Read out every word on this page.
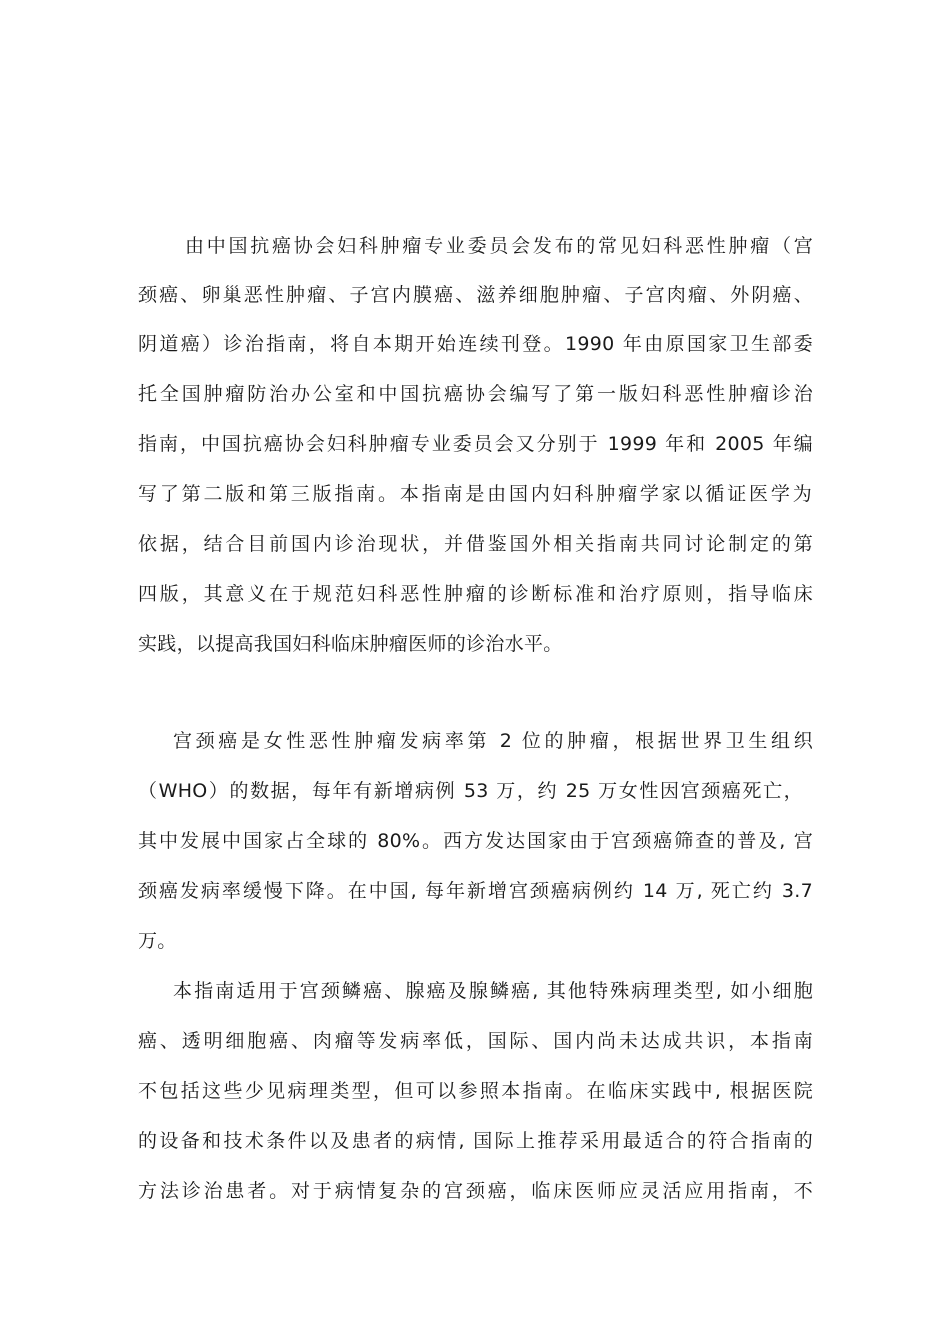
由中国抗癌协会妇科肿瘤专业委员会发布的常见妇科恶性肿瘤（宫
颈癌、卵巢恶性肿瘤、子宫内膜癌、滋养细胞肿瘤、子宫肉瘤、外阴癌、
阴道癌）诊治指南，将自本期开始连续刊登。1990 年由原国家卫生部委
托全国肿瘤防治办公室和中国抗癌协会编写了第一版妇科恶性肿瘤诊治
指南，中国抗癌协会妇科肿瘤专业委员会又分别于 1999 年和 2005 年编
写了第二版和第三版指南。本指南是由国内妇科肿瘤学家以循证医学为
依据，结合目前国内诊治现状，并借鉴国外相关指南共同讨论制定的第
四版，其意义在于规范妇科恶性肿瘤的诊断标准和治疗原则，指导临床
实践，以提高我国妇科临床肿瘤医师的诊治水平。
宫颈癌是女性恶性肿瘤发病率第 2 位的肿瘤，根据世界卫生组织
（WHO）的数据，每年有新增病例 53 万，约 25 万女性因宫颈癌死亡，
其中发展中国家占全球的 80%。西方发达国家由于宫颈癌筛查的普及, 宫
颈癌发病率缓慢下降。在中国, 每年新增宫颈癌病例约 14 万, 死亡约 3.7
万。
本指南适用于宫颈鳞癌、腺癌及腺鳞癌, 其他特殊病理类型, 如小细胞
癌、透明细胞癌、肉瘤等发病率低，国际、国内尚未达成共识，本指南
不包括这些少见病理类型，但可以参照本指南。在临床实践中, 根据医院
的设备和技术条件以及患者的病情, 国际上推荐采用最适合的符合指南的
方法诊治患者。对于病情复杂的宫颈癌，临床医师应灵活应用指南，不
